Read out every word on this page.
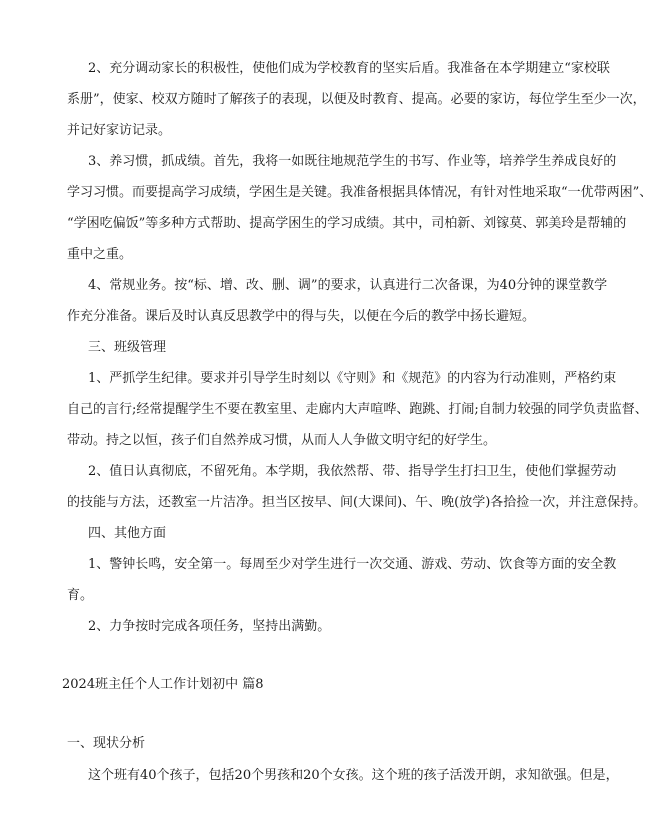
2、充分调动家长的积极性，使他们成为学校教育的坚实后盾。我准备在本学期建立“家校联
系册”，使家、校双方随时了解孩子的表现，以便及时教育、提高。必要的家访，每位学生至少一次，
并记好家访记录。
3、养习惯，抓成绩。首先，我将一如既往地规范学生的书写、作业等，培养学生养成良好的
学习习惯。而要提高学习成绩，学困生是关键。我准备根据具体情况，有针对性地采取“一优带两困”、
“学困吃偏饭”等多种方式帮助、提高学困生的学习成绩。其中，司柏新、刘镓莫、郭美玲是帮辅的
重中之重。
4、常规业务。按“标、增、改、删、调”的要求，认真进行二次备课，为40分钟的课堂教学
作充分准备。课后及时认真反思教学中的得与失，以便在今后的教学中扬长避短。
三、班级管理
1、严抓学生纪律。要求并引导学生时刻以《守则》和《规范》的内容为行动准则，严格约束
自己的言行;经常提醒学生不要在教室里、走廊内大声喧哗、跑跳、打闹;自制力较强的同学负责监督、
带动。持之以恒，孩子们自然养成习惯，从而人人争做文明守纪的好学生。
2、值日认真彻底，不留死角。本学期，我依然帮、带、指导学生打扫卫生，使他们掌握劳动
的技能与方法，还教室一片洁净。担当区按早、间(大课间)、午、晚(放学)各拾捡一次，并注意保持。
四、其他方面
1、警钟长鸣，安全第一。每周至少对学生进行一次交通、游戏、劳动、饮食等方面的安全教
育。
2、力争按时完成各项任务，坚持出满勤。
2024班主任个人工作计划初中 篇8
一、现状分析
这个班有40个孩子，包括20个男孩和20个女孩。这个班的孩子活泼开朗，求知欲强。但是，
